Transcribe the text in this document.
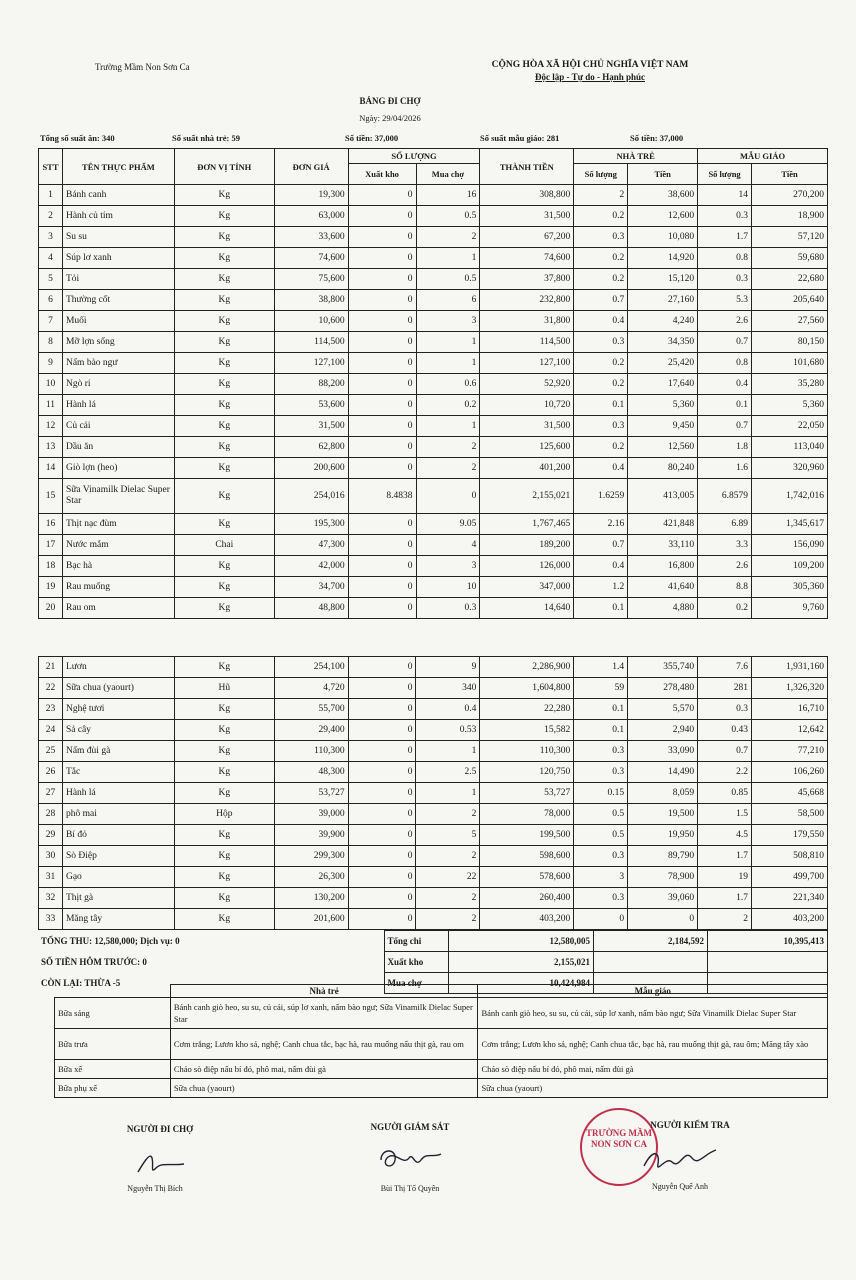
Trường Mầm Non Sơn Ca	CỘNG HÒA XÃ HỘI CHỦ NGHĨA VIỆT NAM
Độc lập - Tự do - Hạnh phúc
BẢNG ĐI CHỢ
Ngày: 29/04/2026
Tổng số suất ăn: 340	Số suất nhà trẻ: 59	Số tiền: 37,000	Số suất mẫu giáo: 281	Số tiền: 37,000
STT	TÊN THỰC PHẨM	ĐƠN VỊ TÍNH	ĐƠN GIÁ	SỐ LƯỢNG		THÀNH TIỀN	NHÀ TRẺ		MẪU GIÁO	
				Xuất kho	Mua chợ		Số lượng	Tiền	Số lượng	Tiền
1	Bánh canh	Kg	19,300	0	16	308,800	2	38,600	14	270,200
2	Hành củ tím	Kg	63,000	0	0.5	31,500	0.2	12,600	0.3	18,900
3	Su su	Kg	33,600	0	2	67,200	0.3	10,080	1.7	57,120
4	Súp lơ xanh	Kg	74,600	0	1	74,600	0.2	14,920	0.8	59,680
5	Tỏi	Kg	75,600	0	0.5	37,800	0.2	15,120	0.3	22,680
6	Thường cốt	Kg	38,800	0	6	232,800	0.7	27,160	5.3	205,640
7	Muối	Kg	10,600	0	3	31,800	0.4	4,240	2.6	27,560
8	Mỡ lợn sống	Kg	114,500	0	1	114,500	0.3	34,350	0.7	80,150
9	Nấm bào ngư	Kg	127,100	0	1	127,100	0.2	25,420	0.8	101,680
10	Ngò rí	Kg	88,200	0	0.6	52,920	0.2	17,640	0.4	35,280
11	Hành lá	Kg	53,600	0	0.2	10,720	0.1	5,360	0.1	5,360
12	Củ cải	Kg	31,500	0	1	31,500	0.3	9,450	0.7	22,050
13	Dầu ăn	Kg	62,800	0	2	125,600	0.2	12,560	1.8	113,040
14	Giò lợn (heo)	Kg	200,600	0	2	401,200	0.4	80,240	1.6	320,960
15	Sữa Vinamilk Dielac Super Star	Kg	254,016	8.4838	0	2,155,021	1.6259	413,005	6.8579	1,742,016
16	Thịt nạc đùm	Kg	195,300	0	9.05	1,767,465	2.16	421,848	6.89	1,345,617
17	Nước mắm	Chai	47,300	0	4	189,200	0.7	33,110	3.3	156,090
18	Bạc hà	Kg	42,000	0	3	126,000	0.4	16,800	2.6	109,200
19	Rau muống	Kg	34,700	0	10	347,000	1.2	41,640	8.8	305,360
20	Rau om	Kg	48,800	0	0.3	14,640	0.1	4,880	0.2	9,760
21	Lươn	Kg	254,100	0	9	2,286,900	1.4	355,740	7.6	1,931,160
22	Sữa chua (yaourt)	Hũ	4,720	0	340	1,604,800	59	278,480	281	1,326,320
23	Nghệ tươi	Kg	55,700	0	0.4	22,280	0.1	5,570	0.3	16,710
24	Sả cây	Kg	29,400	0	0.53	15,582	0.1	2,940	0.43	12,642
25	Nấm đùi gà	Kg	110,300	0	1	110,300	0.3	33,090	0.7	77,210
26	Tắc	Kg	48,300	0	2.5	120,750	0.3	14,490	2.2	106,260
27	Hành lá	Kg	53,727	0	1	53,727	0.15	8,059	0.85	45,668
28	phô mai	Hộp	39,000	0	2	78,000	0.5	19,500	1.5	58,500
29	Bí đỏ	Kg	39,900	0	5	199,500	0.5	19,950	4.5	179,550
30	Sò Điệp	Kg	299,300	0	2	598,600	0.3	89,790	1.7	508,810
31	Gạo	Kg	26,300	0	22	578,600	3	78,900	19	499,700
32	Thịt gà	Kg	130,200	0	2	260,400	0.3	39,060	1.7	221,340
33	Măng tây	Kg	201,600	0	2	403,200	0	0	2	403,200
TỔNG THU: 12,580,000; Dịch vụ: 0	Tổng chi	12,580,005	2,184,592	10,395,413
SỐ TIỀN HÔM TRƯỚC: 0	Xuất kho	2,155,021		
CÒN LẠI: THỪA -5	Mua chợ	10,424,984		
	Nhà trẻ	Mẫu giáo
Bữa sáng	Bánh canh giò heo, su su, củ cải, súp lơ xanh, nấm bào ngư; Sữa Vinamilk Dielac Super Star	Bánh canh giò heo, su su, củ cải, súp lơ xanh, nấm bào ngư; Sữa Vinamilk Dielac Super Star
Bữa trưa	Cơm trắng; Lươn kho sả, nghệ; Canh chua tắc, bạc hà, rau muống nấu thịt gà, rau om	Cơm trắng; Lươn kho sả, nghệ; Canh chua tắc, bạc hà, rau muống thịt gà, rau ôm; Măng tây xào
Bữa xế	Cháo sò điệp nấu bí đỏ, phô mai, nấm đùi gà	Cháo sò điệp nấu bí đỏ, phô mai, nấm đùi gà
Bữa phụ xế	Sữa chua (yaourt)	Sữa chua (yaourt)
NGƯỜI ĐI CHỢ
Nguyễn Thị Bích
NGƯỜI GIÁM SÁT
Bùi Thị Tố Quyên
TRƯỜNG MẦM NON SƠN CA
NGƯỜI KIỂM TRA
Nguyễn Quế Anh
